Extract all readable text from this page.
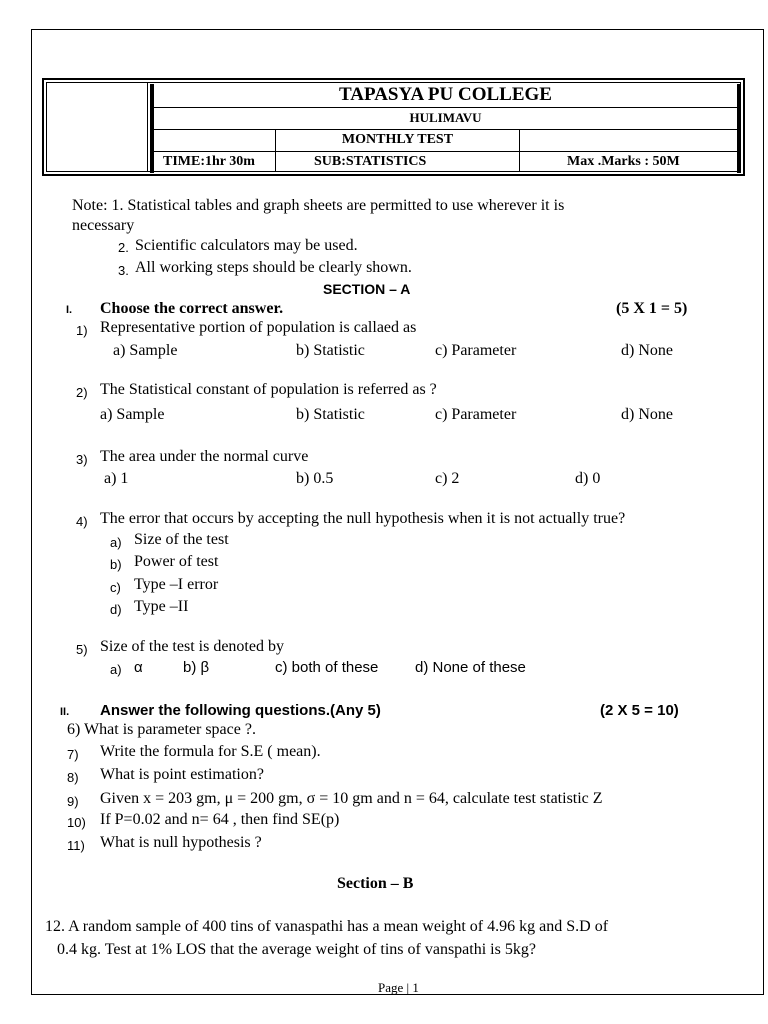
TAPASYA PU COLLEGE
HULIMAVU
MONTHLY TEST
TIME:1hr 30m	SUB:STATISTICS	Max .Marks : 50M
Note: 1. Statistical tables and graph sheets are permitted to use wherever it is
necessary
2. Scientific calculators may be used.
3. All working steps should be clearly shown.
SECTION – A
I. Choose the correct answer.	(5 X 1 = 5)
1) Representative portion of population is callaed as
a) Sample	b) Statistic	c) Parameter	d) None
2) The Statistical constant of population is referred as ?
a) Sample	b) Statistic	c) Parameter	d) None
3) The area under the normal curve
a) 1	b) 0.5	c) 2	d) 0
4) The error that occurs by accepting the null hypothesis when it is not actually true?
a) Size of the test
b) Power of test
c) Type –I error
d) Type –II
5) Size of the test is denoted by
a) α	b) β	c) both of these d) None of these
II. Answer the following questions.(Any 5)	(2 X 5 = 10)
6) What is parameter space ?.
7) Write the formula for S.E ( mean).
8) What is point estimation?
9) Given x = 203 gm, μ = 200 gm, σ = 10 gm and n = 64, calculate test statistic Z
10) If P=0.02 and n= 64 , then find SE(p)
11) What is null hypothesis ?
Section – B
12. A random sample of 400 tins of vanaspathi has a mean weight of 4.96 kg and S.D of
0.4 kg. Test at 1% LOS that the average weight of tins of vanspathi is 5kg?
Page | 1
